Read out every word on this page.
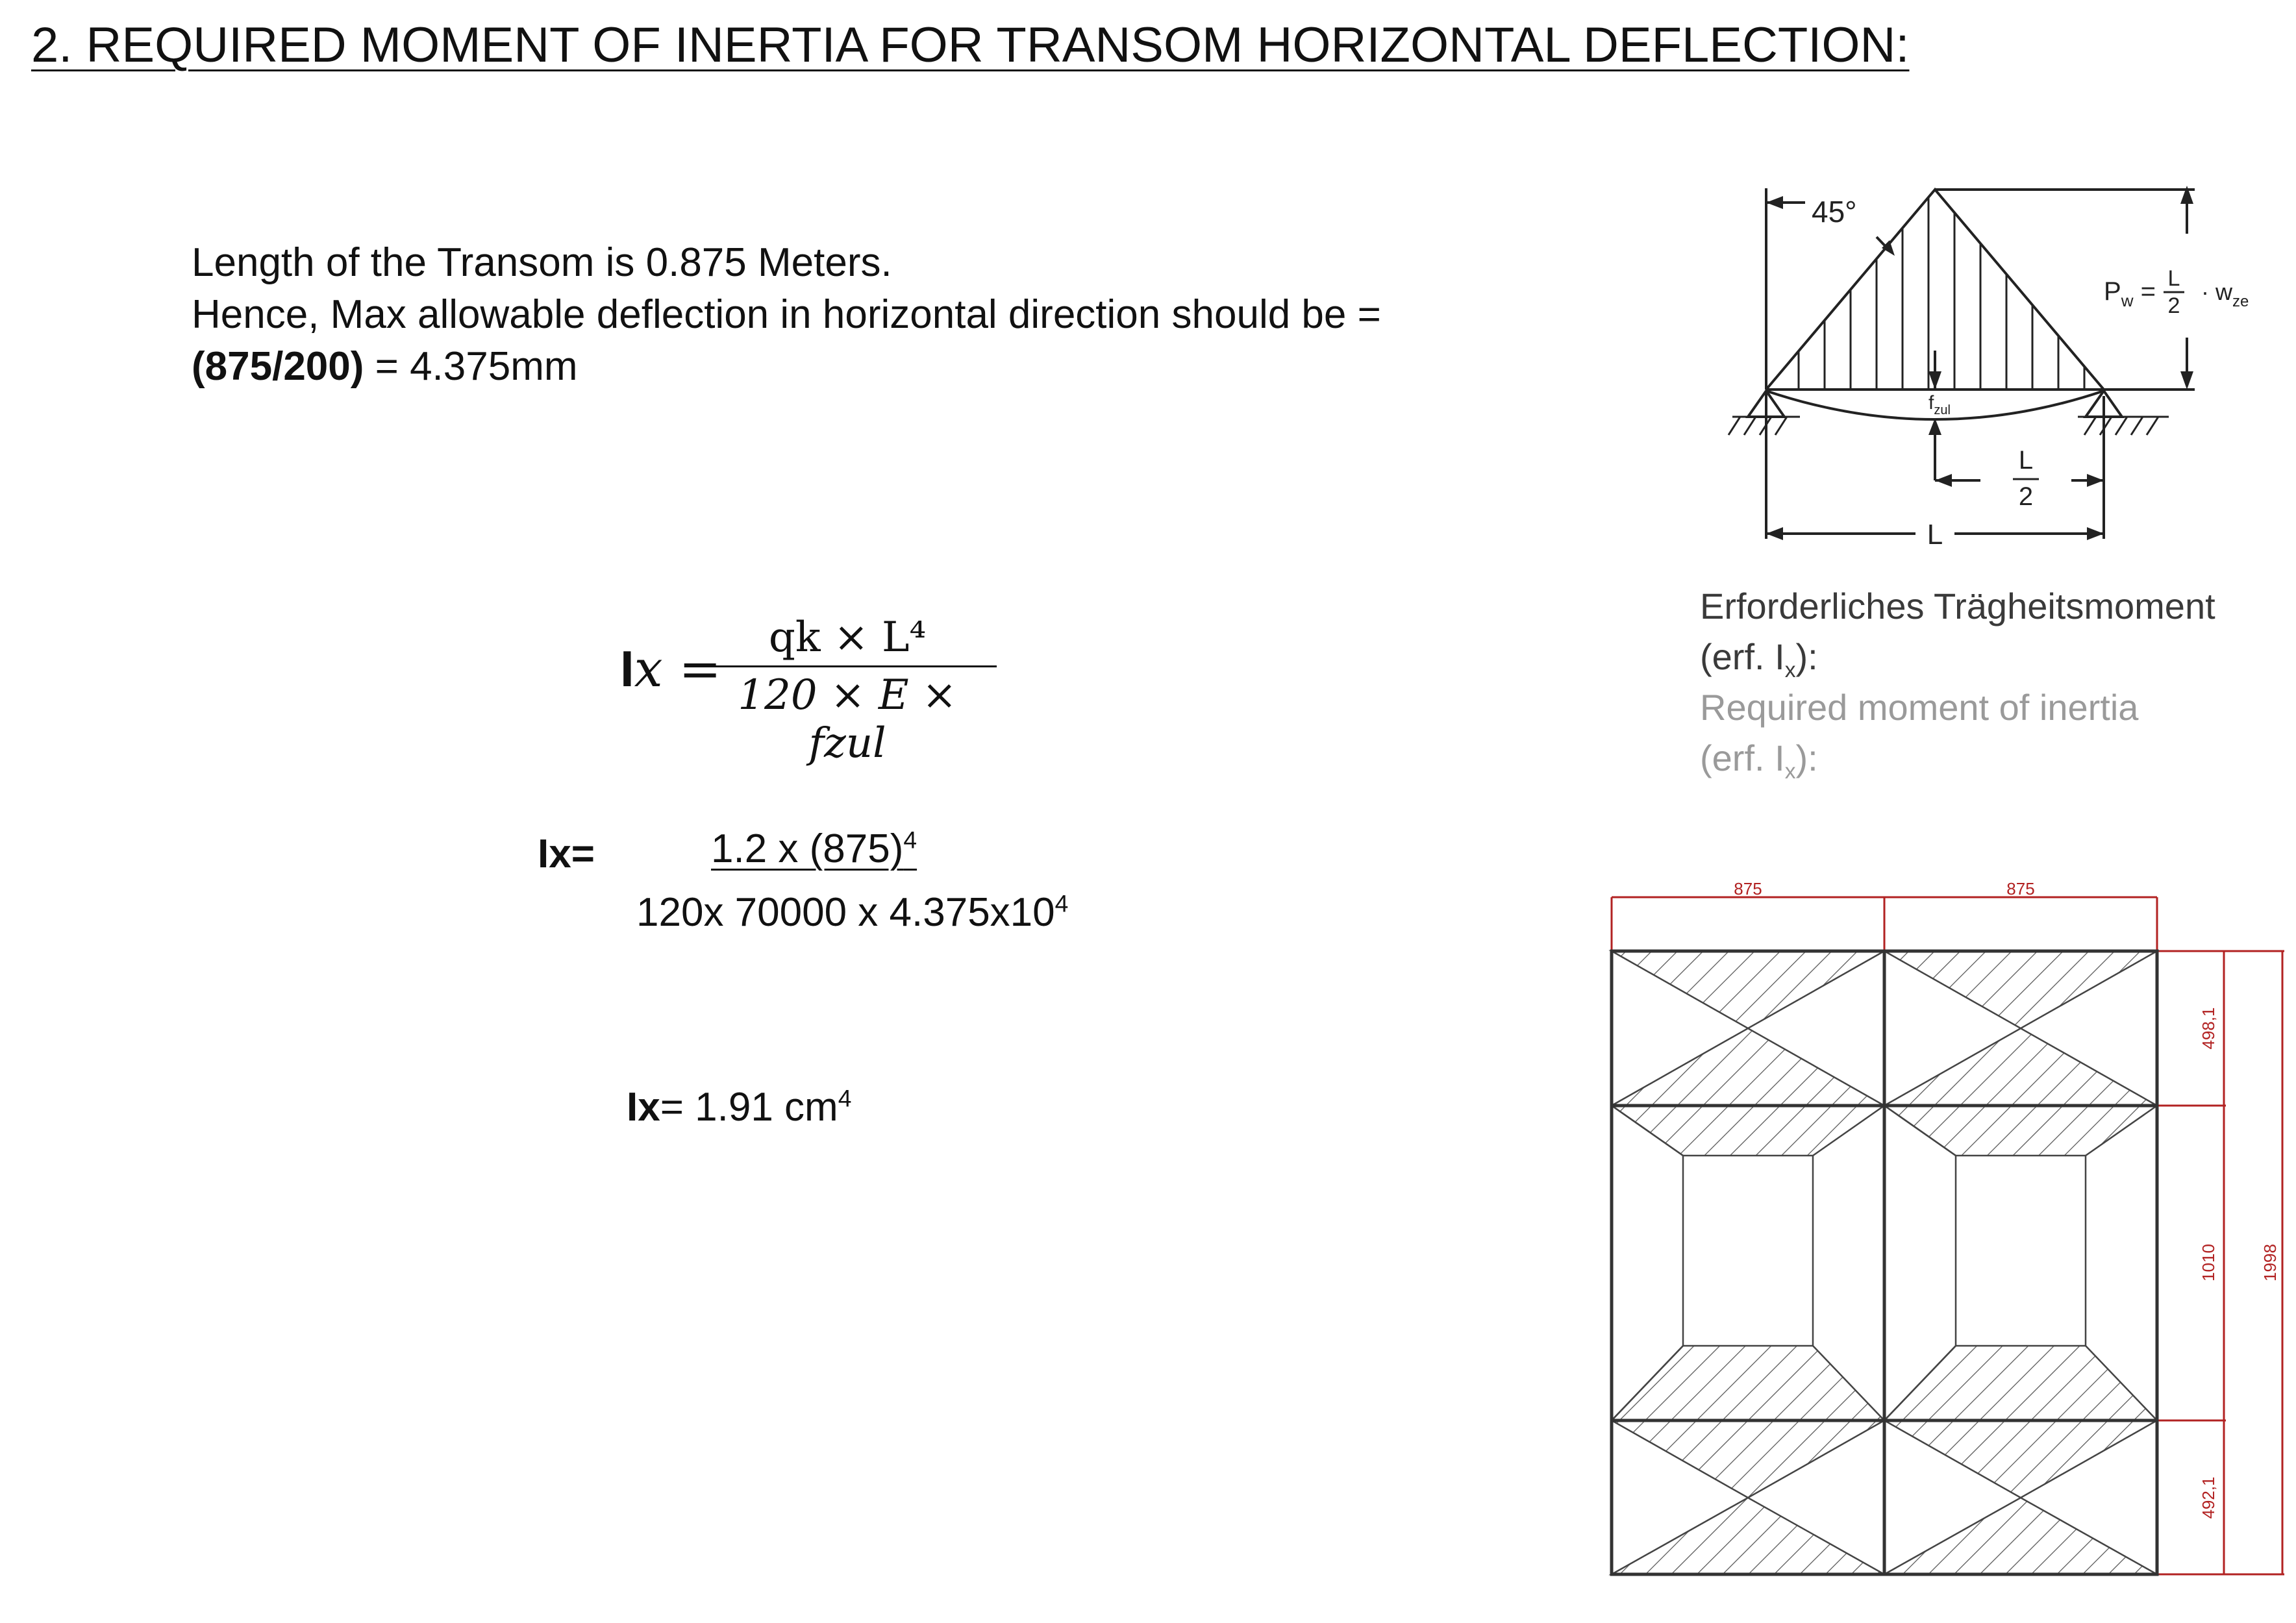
2. REQUIRED MOMENT OF INERTIA FOR TRANSOM HORIZONTAL DEFLECTION:
Length of the Transom is 0.875 Meters.
Hence, Max allowable deflection in horizontal direction should be =
(875/200) = 4.375mm
Ix =
qk × L⁴
120 × E × fzul
Ix=	1.2 x $(875)^4$
120x 70000 x $4.375x10^4$
Ix= 1.91 $cm^4$
45°
$P_w = L$
2
· $w_{ze}$
$f_{zul}$
L
2
L
Erforderliches Trägheitsmoment
(erf. $I_x$):
Required moment of inertia
(erf. $I_x$):
875	875
498,1
1010
492,1
1998
